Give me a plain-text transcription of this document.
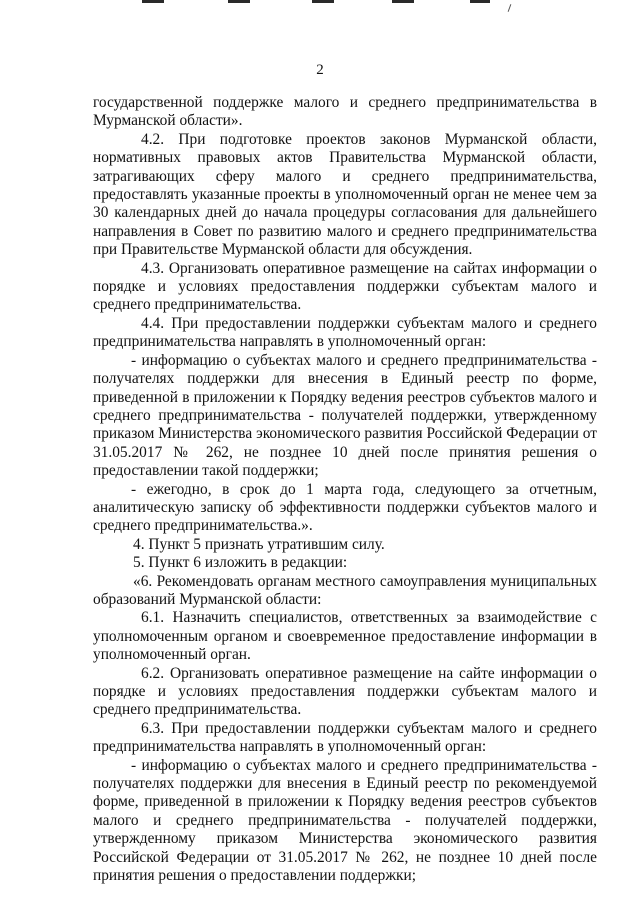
2

государственной поддержке малого и среднего предпринимательства в Мурманской области».

4.2. При подготовке проектов законов Мурманской области, нормативных правовых актов Правительства Мурманской области, затрагивающих сферу малого и среднего предпринимательства, предоставлять указанные проекты в уполномоченный орган не менее чем за 30 календарных дней до начала процедуры согласования для дальнейшего направления в Совет по развитию малого и среднего предпринимательства при Правительстве Мурманской области для обсуждения.

4.3. Организовать оперативное размещение на сайтах информации о порядке и условиях предоставления поддержки субъектам малого и среднего предпринимательства.

4.4. При предоставлении поддержки субъектам малого и среднего предпринимательства направлять в уполномоченный орган:

- информацию о субъектах малого и среднего предпринимательства - получателях поддержки для внесения в Единый реестр по форме, приведенной в приложении к Порядку ведения реестров субъектов малого и среднего предпринимательства - получателей поддержки, утвержденному приказом Министерства экономического развития Российской Федерации от 31.05.2017 № 262, не позднее 10 дней после принятия решения о предоставлении такой поддержки;

- ежегодно, в срок до 1 марта года, следующего за отчетным, аналитическую записку об эффективности поддержки субъектов малого и среднего предпринимательства.».

4. Пункт 5 признать утратившим силу.

5. Пункт 6 изложить в редакции:

«6. Рекомендовать органам местного самоуправления муниципальных образований Мурманской области:

6.1. Назначить специалистов, ответственных за взаимодействие с уполномоченным органом и своевременное предоставление информации в уполномоченный орган.

6.2. Организовать оперативное размещение на сайте информации о порядке и условиях предоставления поддержки субъектам малого и среднего предпринимательства.

6.3. При предоставлении поддержки субъектам малого и среднего предпринимательства направлять в уполномоченный орган:

- информацию о субъектах малого и среднего предпринимательства - получателях поддержки для внесения в Единый реестр по рекомендуемой форме, приведенной в приложении к Порядку ведения реестров субъектов малого и среднего предпринимательства - получателей поддержки, утвержденному приказом Министерства экономического развития Российской Федерации от 31.05.2017 № 262, не позднее 10 дней после принятия решения о предоставлении поддержки;
